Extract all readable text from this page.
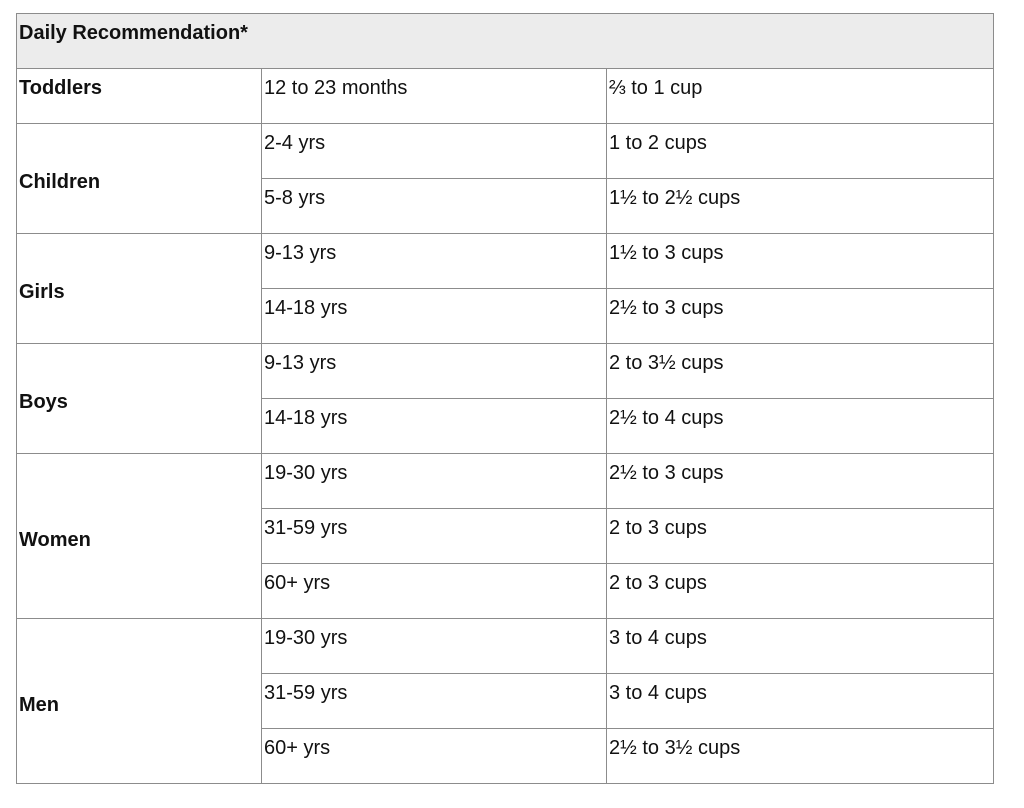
Daily Recommendation*		
Toddlers	12 to 23 months	⅔ to 1 cup
Children	2-4 yrs	1 to 2 cups
	5-8 yrs	1½ to 2½ cups
Girls	9-13 yrs	1½ to 3 cups
	14-18 yrs	2½ to 3 cups
Boys	9-13 yrs	2 to 3½ cups
	14-18 yrs	2½ to 4 cups
Women	19-30 yrs	2½ to 3 cups
	31-59 yrs	2 to 3 cups
	60+ yrs	2 to 3 cups
Men	19-30 yrs	3 to 4 cups
	31-59 yrs	3 to 4 cups
	60+ yrs	2½ to 3½ cups
